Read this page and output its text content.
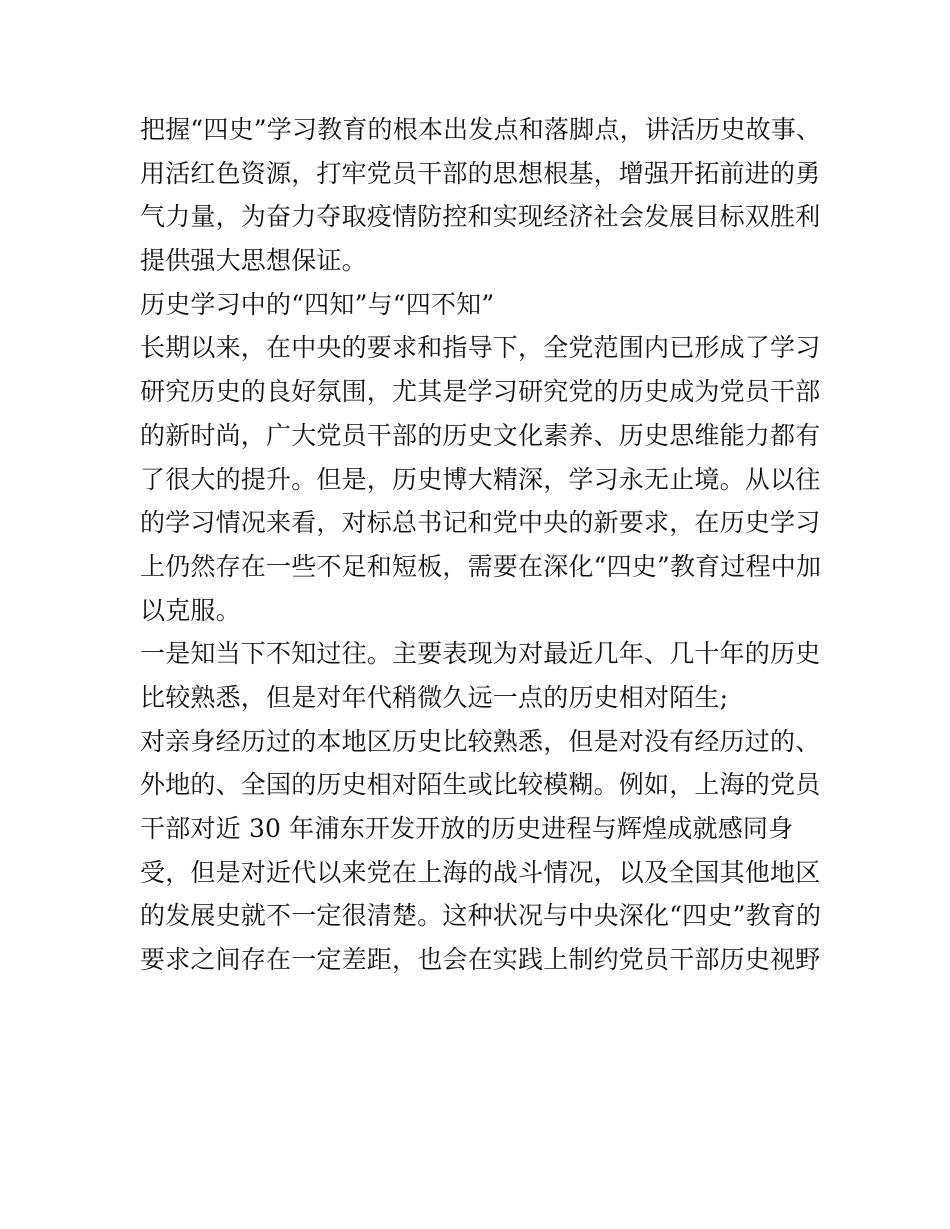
把握“四史”学习教育的根本出发点和落脚点，讲活历史故事、
用活红色资源，打牢党员干部的思想根基，增强开拓前进的勇
气力量，为奋力夺取疫情防控和实现经济社会发展目标双胜利
提供强大思想保证。
历史学习中的“四知”与“四不知”
长期以来，在中央的要求和指导下，全党范围内已形成了学习
研究历史的良好氛围，尤其是学习研究党的历史成为党员干部
的新时尚，广大党员干部的历史文化素养、历史思维能力都有
了很大的提升。但是，历史博大精深，学习永无止境。从以往
的学习情况来看，对标总书记和党中央的新要求，在历史学习
上仍然存在一些不足和短板，需要在深化“四史”教育过程中加
以克服。
一是知当下不知过往。主要表现为对最近几年、几十年的历史
比较熟悉，但是对年代稍微久远一点的历史相对陌生;
对亲身经历过的本地区历史比较熟悉，但是对没有经历过的、
外地的、全国的历史相对陌生或比较模糊。例如，上海的党员
干部对近 30 年浦东开发开放的历史进程与辉煌成就感同身
受，但是对近代以来党在上海的战斗情况，以及全国其他地区
的发展史就不一定很清楚。这种状况与中央深化“四史”教育的
要求之间存在一定差距，也会在实践上制约党员干部历史视野
